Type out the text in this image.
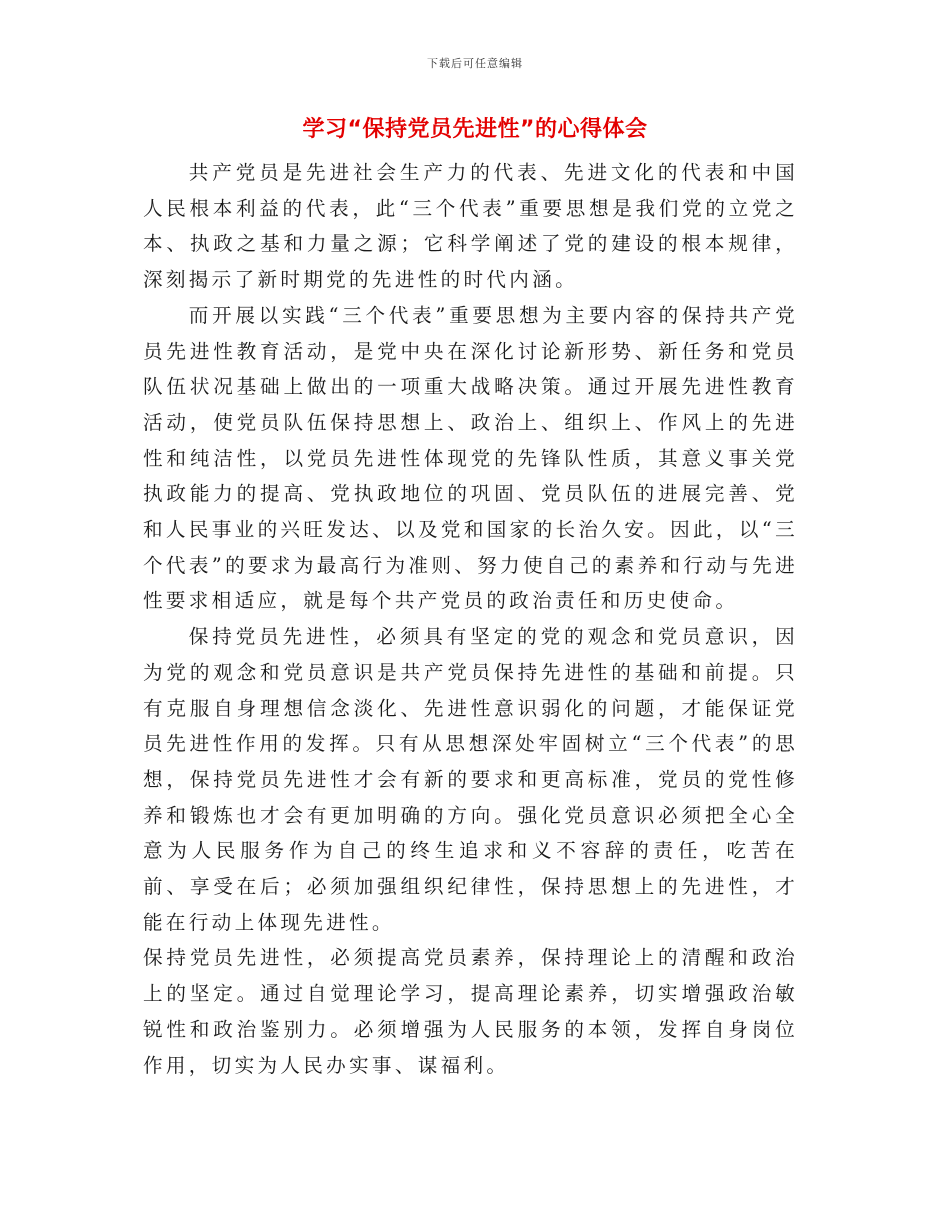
下载后可任意编辑
学习“保持党员先进性”的心得体会

共产党员是先进社会生产力的代表、先进文化的代表和中国人民根本利益的代表，此“三个代表”重要思想是我们党的立党之本、执政之基和力量之源；它科学阐述了党的建设的根本规律，深刻揭示了新时期党的先进性的时代内涵。

而开展以实践“三个代表”重要思想为主要内容的保持共产党员先进性教育活动，是党中央在深化讨论新形势、新任务和党员队伍状况基础上做出的一项重大战略决策。通过开展先进性教育活动，使党员队伍保持思想上、政治上、组织上、作风上的先进性和纯洁性，以党员先进性体现党的先锋队性质，其意义事关党执政能力的提高、党执政地位的巩固、党员队伍的进展完善、党和人民事业的兴旺发达、以及党和国家的长治久安。因此，以“三个代表”的要求为最高行为准则、努力使自己的素养和行动与先进性要求相适应，就是每个共产党员的政治责任和历史使命。

保持党员先进性，必须具有坚定的党的观念和党员意识，因为党的观念和党员意识是共产党员保持先进性的基础和前提。只有克服自身理想信念淡化、先进性意识弱化的问题，才能保证党员先进性作用的发挥。只有从思想深处牢固树立“三个代表”的思想，保持党员先进性才会有新的要求和更高标准，党员的党性修养和锻炼也才会有更加明确的方向。强化党员意识必须把全心全意为人民服务作为自己的终生追求和义不容辞的责任，吃苦在前、享受在后；必须加强组织纪律性，保持思想上的先进性，才能在行动上体现先进性。

保持党员先进性，必须提高党员素养，保持理论上的清醒和政治上的坚定。通过自觉理论学习，提高理论素养，切实增强政治敏锐性和政治鉴别力。必须增强为人民服务的本领，发挥自身岗位作用，切实为人民办实事、谋福利。
